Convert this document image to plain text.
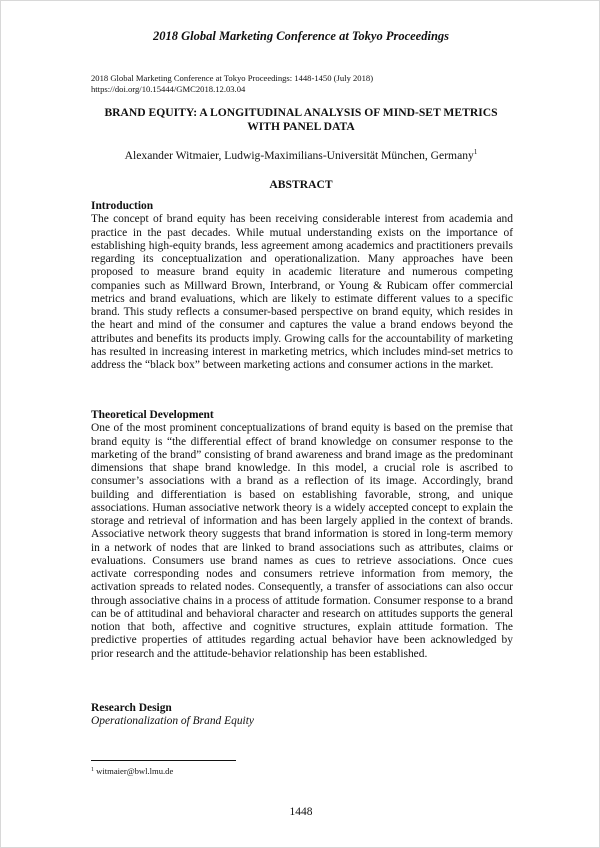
2018 Global Marketing Conference at Tokyo Proceedings
2018 Global Marketing Conference at Tokyo Proceedings: 1448-1450 (July 2018)
https://doi.org/10.15444/GMC2018.12.03.04
BRAND EQUITY: A LONGITUDINAL ANALYSIS OF MIND-SET METRICS
WITH PANEL DATA
Alexander Witmaier, Ludwig-Maximilians-Universität München, Germany$^1$
ABSTRACT
Introduction

The concept of brand equity has been receiving considerable interest from academia and practice in the past decades. While mutual understanding exists on the importance of establishing high-equity brands, less agreement among academics and practitioners prevails regarding its conceptualization and operationalization. Many approaches have been proposed to measure brand equity in academic literature and numerous competing companies such as Millward Brown, Interbrand, or Young & Rubicam offer commercial metrics and brand evaluations, which are likely to estimate different values to a specific brand. This study reflects a consumer-based perspective on brand equity, which resides in the heart and mind of the consumer and captures the value a brand endows beyond the attributes and benefits its products imply. Growing calls for the accountability of marketing has resulted in increasing interest in marketing metrics, which includes mind-set metrics to address the “black box” between marketing actions and consumer actions in the market.

Theoretical Development

One of the most prominent conceptualizations of brand equity is based on the premise that brand equity is “the differential effect of brand knowledge on consumer response to the marketing of the brand” consisting of brand awareness and brand image as the predominant dimensions that shape brand knowledge. In this model, a crucial role is ascribed to consumer’s associations with a brand as a reflection of its image. Accordingly, brand building and differentiation is based on establishing favorable, strong, and unique associations. Human associative network theory is a widely accepted concept to explain the storage and retrieval of information and has been largely applied in the context of brands. Associative network theory suggests that brand information is stored in long-term memory in a network of nodes that are linked to brand associations such as attributes, claims or evaluations. Consumers use brand names as cues to retrieve associations. Once cues activate corresponding nodes and consumers retrieve information from memory, the activation spreads to related nodes. Consequently, a transfer of associations can also occur through associative chains in a process of attitude formation. Consumer response to a brand can be of attitudinal and behavioral character and research on attitudes supports the general notion that both, affective and cognitive structures, explain attitude formation. The predictive properties of attitudes regarding actual behavior have been acknowledged by prior research and the attitude-behavior relationship has been established.

Research Design
Operationalization of Brand Equity
$^1$ witmaier@bwl.lmu.de
1448
